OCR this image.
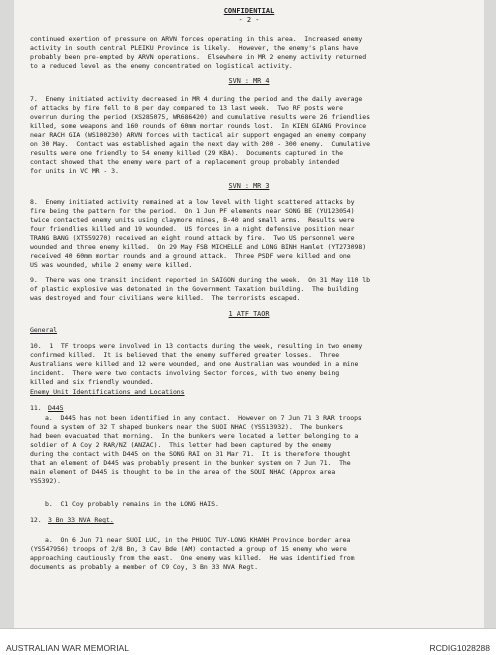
CONFIDENTIAL
- 2 -
continued exertion of pressure on ARVN forces operating in this area.  Increased enemy
activity in south central PLEIKU Province is likely.  However, the enemy's plans have
probably been pre-empted by ARVN operations.  Elsewhere in MR 2 enemy activity returned
to a reduced level as the enemy concentrated on logistical activity.
SVN : MR 4
7.  Enemy initiated activity decreased in MR 4 during the period and the daily average
of attacks by fire fell to 8 per day compared to 13 last week.  Two RF posts were
overrun during the period (XS285075, WR686420) and cumulative results were 26 friendlies
killed, some weapons and 160 rounds of 60mm mortar rounds lost.  In KIEN GIANG Province
near RACH GIA (WS100230) ARVN forces with tactical air support engaged an enemy company
on 30 May.  Contact was established again the next day with 200 - 300 enemy.  Cumulative
results were one friendly to 54 enemy killed (29 KBA).  Documents captured in the
contact showed that the enemy were part of a replacement group probably intended
for units in VC MR - 3.
SVN : MR 3
8.  Enemy initiated activity remained at a low level with light scattered attacks by
fire being the pattern for the period.  On 1 Jun PF elements near SONG BE (YU123054)
twice contacted enemy units using claymore mines, B-40 and small arms.  Results were
four friendlies killed and 19 wounded.  US forces in a night defensive position near
TRANG BANG (XT559270) received an eight round attack by fire.  Two US personnel were
wounded and three enemy killed.  On 29 May FSB MICHELLE and LONG BINH Hamlet (YT273098)
received 40 60mm mortar rounds and a ground attack.  Three PSDF were killed and one
US was wounded, while 2 enemy were killed.
9.  There was one transit incident reported in SAIGON during the week.  On 31 May 110 lb
of plastic explosive was detonated in the Government Taxation building.  The building
was destroyed and four civilians were killed.  The terrorists escaped.
1 ATF TAOR
General
10.  1  TF troops were involved in 13 contacts during the week, resulting in two enemy
confirmed killed.  It is believed that the enemy suffered greater losses.  Three
Australians were killed and 12 were wounded, and one Australian was wounded in a mine
incident.  There were two contacts involving Sector forces, with two enemy being
killed and six friendly wounded.
Enemy Unit Identifications and Locations
11. D445
a.  D445 has not been identified in any contact.  However on 7 Jun 71 3 RAR troops
found a system of 32 T shaped bunkers near the SUOI NHAC (YS513932).  The bunkers
had been evacuated that morning.  In the bunkers were located a letter belonging to a
soldier of A Coy 2 RAR/NZ (ANZAC).  This letter had been captured by the enemy
during the contact with D445 on the SONG RAI on 31 Mar 71.  It is therefore thought
that an element of D445 was probably present in the bunker system on 7 Jun 71.  The
main element of D445 is thought to be in the area of the SOUI NHAC (Approx area
YS5392).
b.  C1 Coy probably remains in the LONG HAIS.
12. 3 Bn 33 NVA Regt.
a.  On 6 Jun 71 near SUOI LUC, in the PHUOC TUY-LONG KHANH Province border area
(YS547956) troops of 2/8 Bn, 3 Cav Bde (AM) contacted a group of 15 enemy who were
approaching cautiously from the east.  One enemy was killed.  He was identified from
documents as probably a member of C9 Coy, 3 Bn 33 NVA Regt.
AUSTRALIAN WAR MEMORIAL	RCDIG1028288
